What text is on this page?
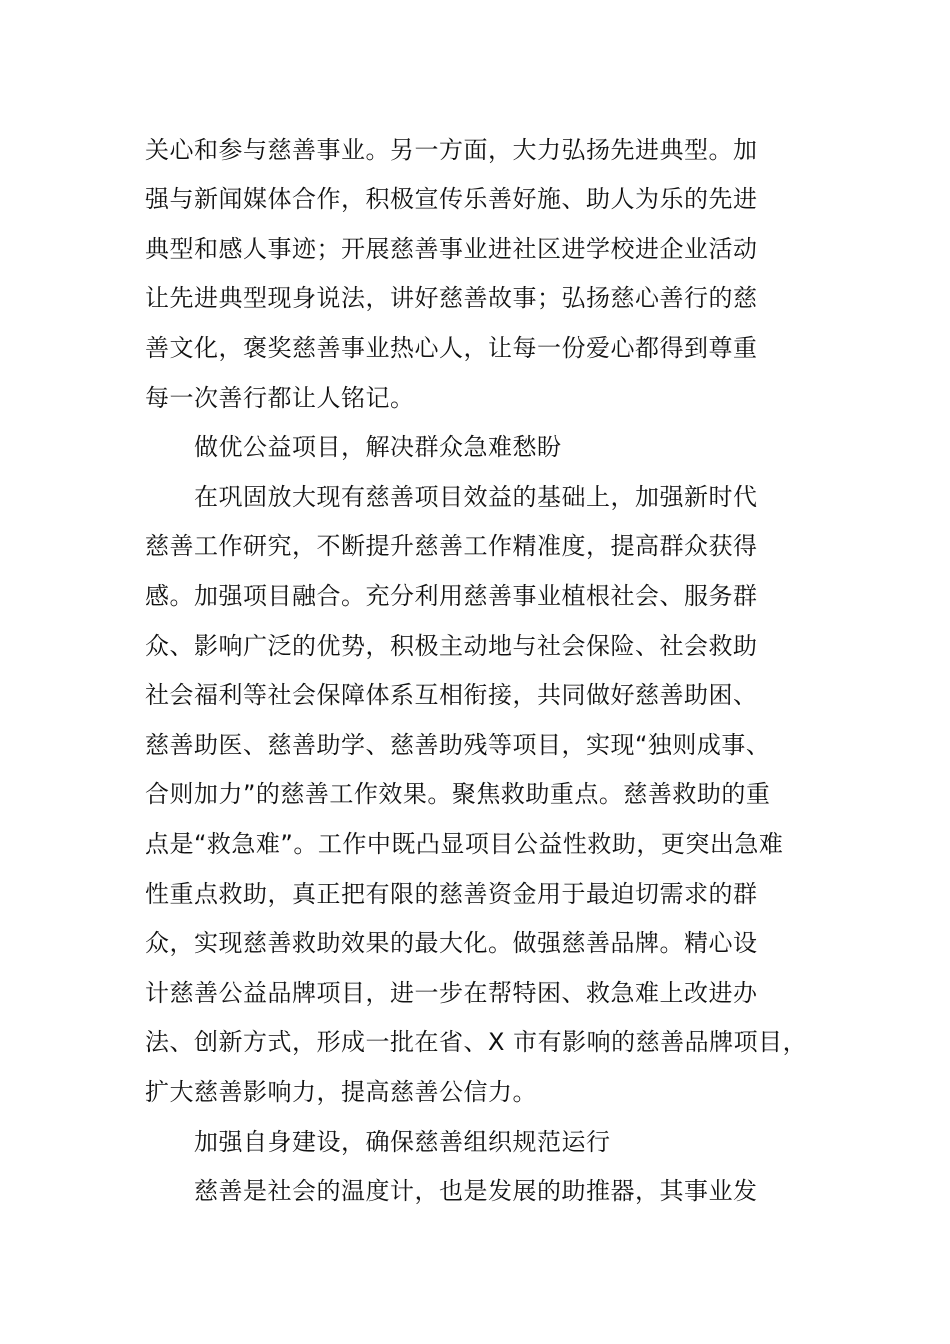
关心和参与慈善事业。另一方面，大力弘扬先进典型。加
强与新闻媒体合作，积极宣传乐善好施、助人为乐的先进
典型和感人事迹；开展慈善事业进社区进学校进企业活动
让先进典型现身说法，讲好慈善故事；弘扬慈心善行的慈
善文化，褒奖慈善事业热心人，让每一份爱心都得到尊重
每一次善行都让人铭记。
做优公益项目，解决群众急难愁盼
在巩固放大现有慈善项目效益的基础上，加强新时代
慈善工作研究，不断提升慈善工作精准度，提高群众获得
感。加强项目融合。充分利用慈善事业植根社会、服务群
众、影响广泛的优势，积极主动地与社会保险、社会救助
社会福利等社会保障体系互相衔接，共同做好慈善助困、
慈善助医、慈善助学、慈善助残等项目，实现“独则成事、
合则加力”的慈善工作效果。聚焦救助重点。慈善救助的重
点是“救急难”。工作中既凸显项目公益性救助，更突出急难
性重点救助，真正把有限的慈善资金用于最迫切需求的群
众，实现慈善救助效果的最大化。做强慈善品牌。精心设
计慈善公益品牌项目，进一步在帮特困、救急难上改进办
法、创新方式，形成一批在省、X 市有影响的慈善品牌项目，
扩大慈善影响力，提高慈善公信力。
加强自身建设，确保慈善组织规范运行
慈善是社会的温度计，也是发展的助推器，其事业发
